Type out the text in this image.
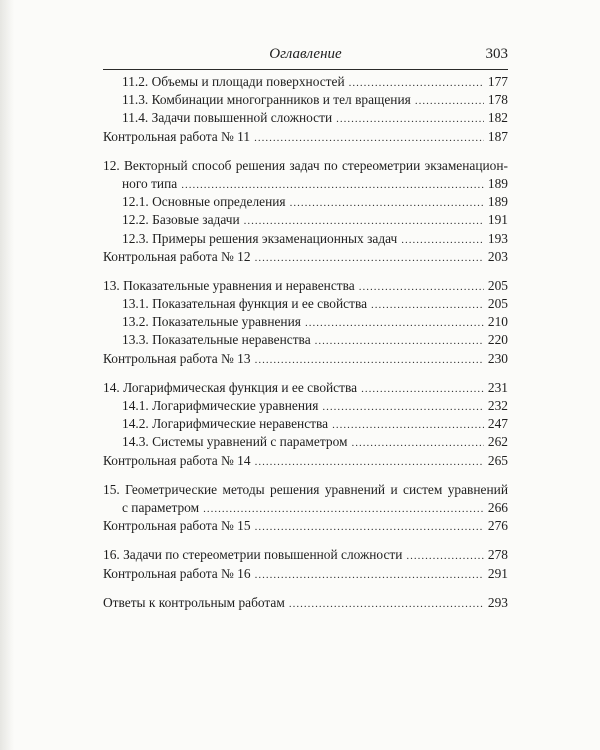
Оглавление	303
11.2. Объемы и площади поверхностей .....	177
11.3. Комбинации многогранников и тел вращения .....	178
11.4. Задачи повышенной сложности .....	182
Контрольная работа № 11 .....	187
12. Векторный способ решения задач по стереометрии экзаменацион-
ного типа .....	189
12.1. Основные определения .....	189
12.2. Базовые задачи .....	191
12.3. Примеры решения экзаменационных задач .....	193
Контрольная работа № 12 .....	203
13. Показательные уравнения и неравенства .....	205
13.1. Показательная функция и ее свойства .....	205
13.2. Показательные уравнения .....	210
13.3. Показательные неравенства .....	220
Контрольная работа № 13 .....	230
14. Логарифмическая функция и ее свойства .....	231
14.1. Логарифмические уравнения .....	232
14.2. Логарифмические неравенства .....	247
14.3. Системы уравнений с параметром .....	262
Контрольная работа № 14 .....	265
15. Геометрические методы решения уравнений и систем уравнений
с параметром .....	266
Контрольная работа № 15 .....	276
16. Задачи по стереометрии повышенной сложности .....	278
Контрольная работа № 16 .....	291
Ответы к контрольным работам .....	293
